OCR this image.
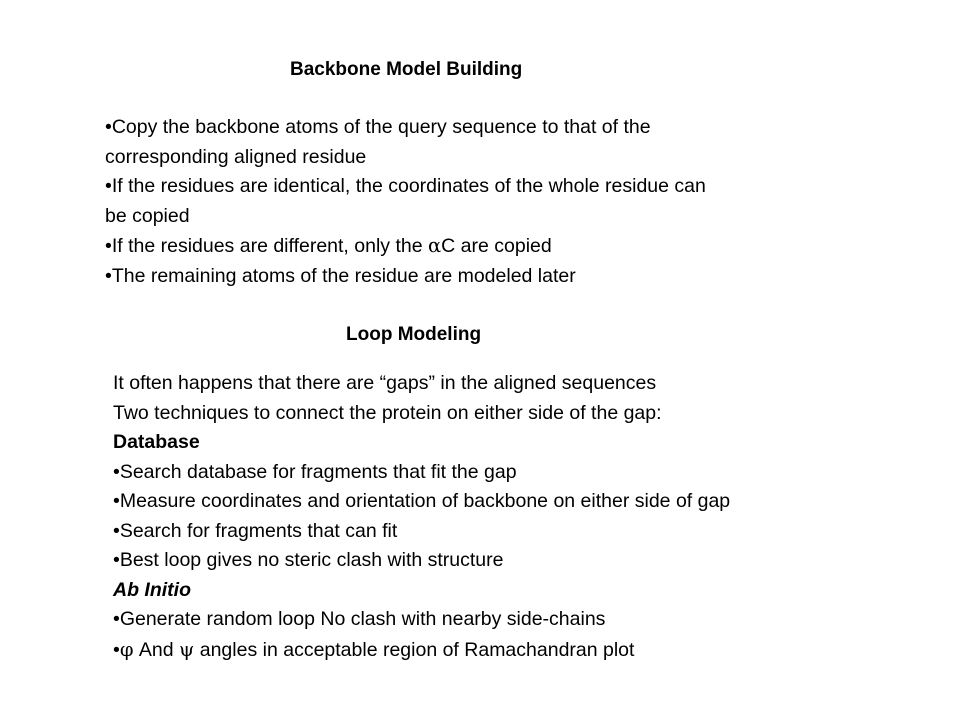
Backbone Model Building
•Copy the backbone atoms of the query sequence to that of the
corresponding aligned residue
•If the residues are identical, the coordinates of the whole residue can
be copied
•If the residues are different, only the αC are copied
•The remaining atoms of the residue are modeled later
Loop Modeling
It often happens that there are “gaps” in the aligned sequences
Two techniques to connect the protein on either side of the gap:
Database
•Search database for fragments that fit the gap
•Measure coordinates and orientation of backbone on either side of gap
•Search for fragments that can fit
•Best loop gives no steric clash with structure
Ab Initio
•Generate random loop No clash with nearby side-chains
•φ And ψ angles in acceptable region of Ramachandran plot
